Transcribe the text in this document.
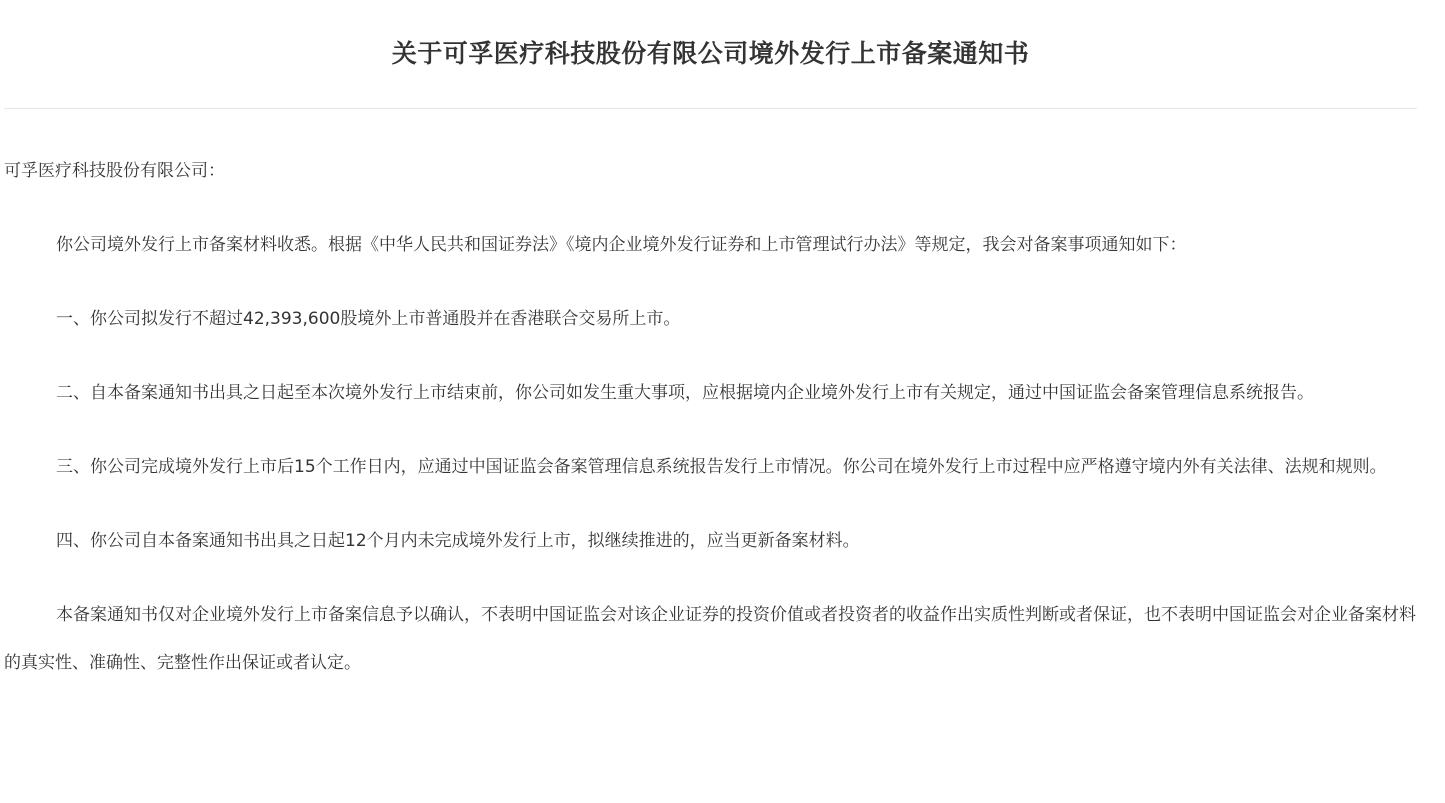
关于可孚医疗科技股份有限公司境外发行上市备案通知书

可孚医疗科技股份有限公司：

你公司境外发行上市备案材料收悉。根据《中华人民共和国证券法》《境内企业境外发行证券和上市管理试行办法》等规定，我会对备案事项通知如下：

一、你公司拟发行不超过42,393,600股境外上市普通股并在香港联合交易所上市。

二、自本备案通知书出具之日起至本次境外发行上市结束前，你公司如发生重大事项，应根据境内企业境外发行上市有关规定，通过中国证监会备案管理信息系统报告。

三、你公司完成境外发行上市后15个工作日内，应通过中国证监会备案管理信息系统报告发行上市情况。你公司在境外发行上市过程中应严格遵守境内外有关法律、法规和规则。

四、你公司自本备案通知书出具之日起12个月内未完成境外发行上市，拟继续推进的，应当更新备案材料。

本备案通知书仅对企业境外发行上市备案信息予以确认，不表明中国证监会对该企业证券的投资价值或者投资者的收益作出实质性判断或者保证，也不表明中国证监会对企业备案材料的真实性、准确性、完整性作出保证或者认定。
